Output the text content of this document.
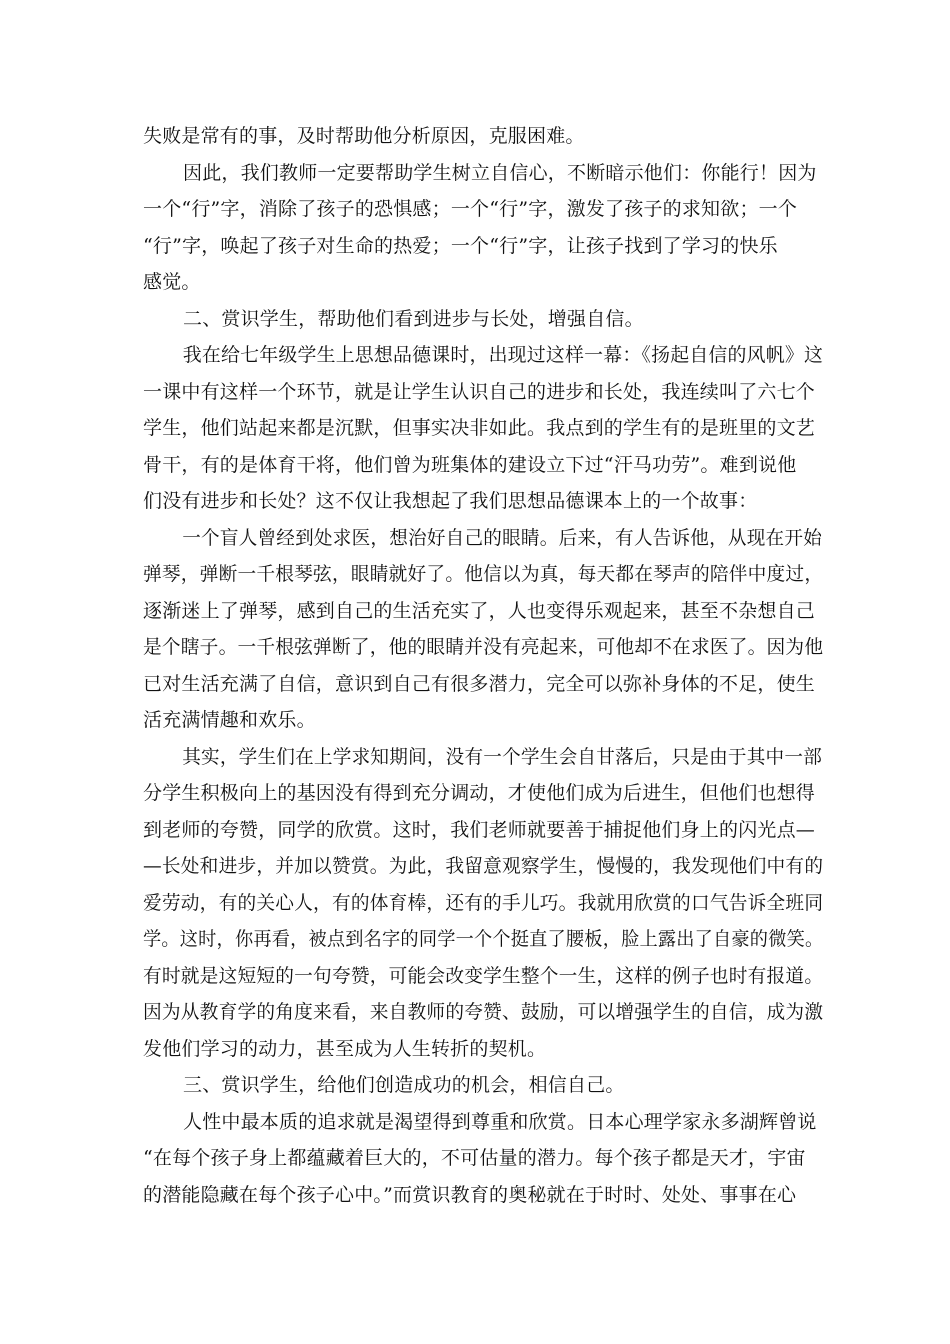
失败是常有的事，及时帮助他分析原因，克服困难。
因此，我们教师一定要帮助学生树立自信心，不断暗示他们：你能行！因为
一个“行”字，消除了孩子的恐惧感；一个“行”字，激发了孩子的求知欲；一个
“行”字，唤起了孩子对生命的热爱；一个“行”字，让孩子找到了学习的快乐
感觉。
二、赏识学生，帮助他们看到进步与长处，增强自信。
我在给七年级学生上思想品德课时，出现过这样一幕：《扬起自信的风帆》这
一课中有这样一个环节，就是让学生认识自己的进步和长处，我连续叫了六七个
学生，他们站起来都是沉默，但事实决非如此。我点到的学生有的是班里的文艺
骨干，有的是体育干将，他们曾为班集体的建设立下过“汗马功劳”。难到说他
们没有进步和长处？这不仅让我想起了我们思想品德课本上的一个故事：
一个盲人曾经到处求医，想治好自己的眼睛。后来，有人告诉他，从现在开始
弹琴，弹断一千根琴弦，眼睛就好了。他信以为真，每天都在琴声的陪伴中度过，
逐渐迷上了弹琴，感到自己的生活充实了，人也变得乐观起来，甚至不杂想自己
是个瞎子。一千根弦弹断了，他的眼睛并没有亮起来，可他却不在求医了。因为他
已对生活充满了自信，意识到自己有很多潜力，完全可以弥补身体的不足，使生
活充满情趣和欢乐。
其实，学生们在上学求知期间，没有一个学生会自甘落后，只是由于其中一部
分学生积极向上的基因没有得到充分调动，才使他们成为后进生，但他们也想得
到老师的夸赞，同学的欣赏。这时，我们老师就要善于捕捉他们身上的闪光点—
—长处和进步，并加以赞赏。为此，我留意观察学生，慢慢的，我发现他们中有的
爱劳动，有的关心人，有的体育棒，还有的手儿巧。我就用欣赏的口气告诉全班同
学。这时，你再看，被点到名字的同学一个个挺直了腰板，脸上露出了自豪的微笑。
有时就是这短短的一句夸赞，可能会改变学生整个一生，这样的例子也时有报道。
因为从教育学的角度来看，来自教师的夸赞、鼓励，可以增强学生的自信，成为激
发他们学习的动力，甚至成为人生转折的契机。
三、赏识学生，给他们创造成功的机会，相信自己。
人性中最本质的追求就是渴望得到尊重和欣赏。日本心理学家永多湖辉曾说
“在每个孩子身上都蕴藏着巨大的，不可估量的潜力。每个孩子都是天才，宇宙
的潜能隐藏在每个孩子心中。”而赏识教育的奥秘就在于时时、处处、事事在心
